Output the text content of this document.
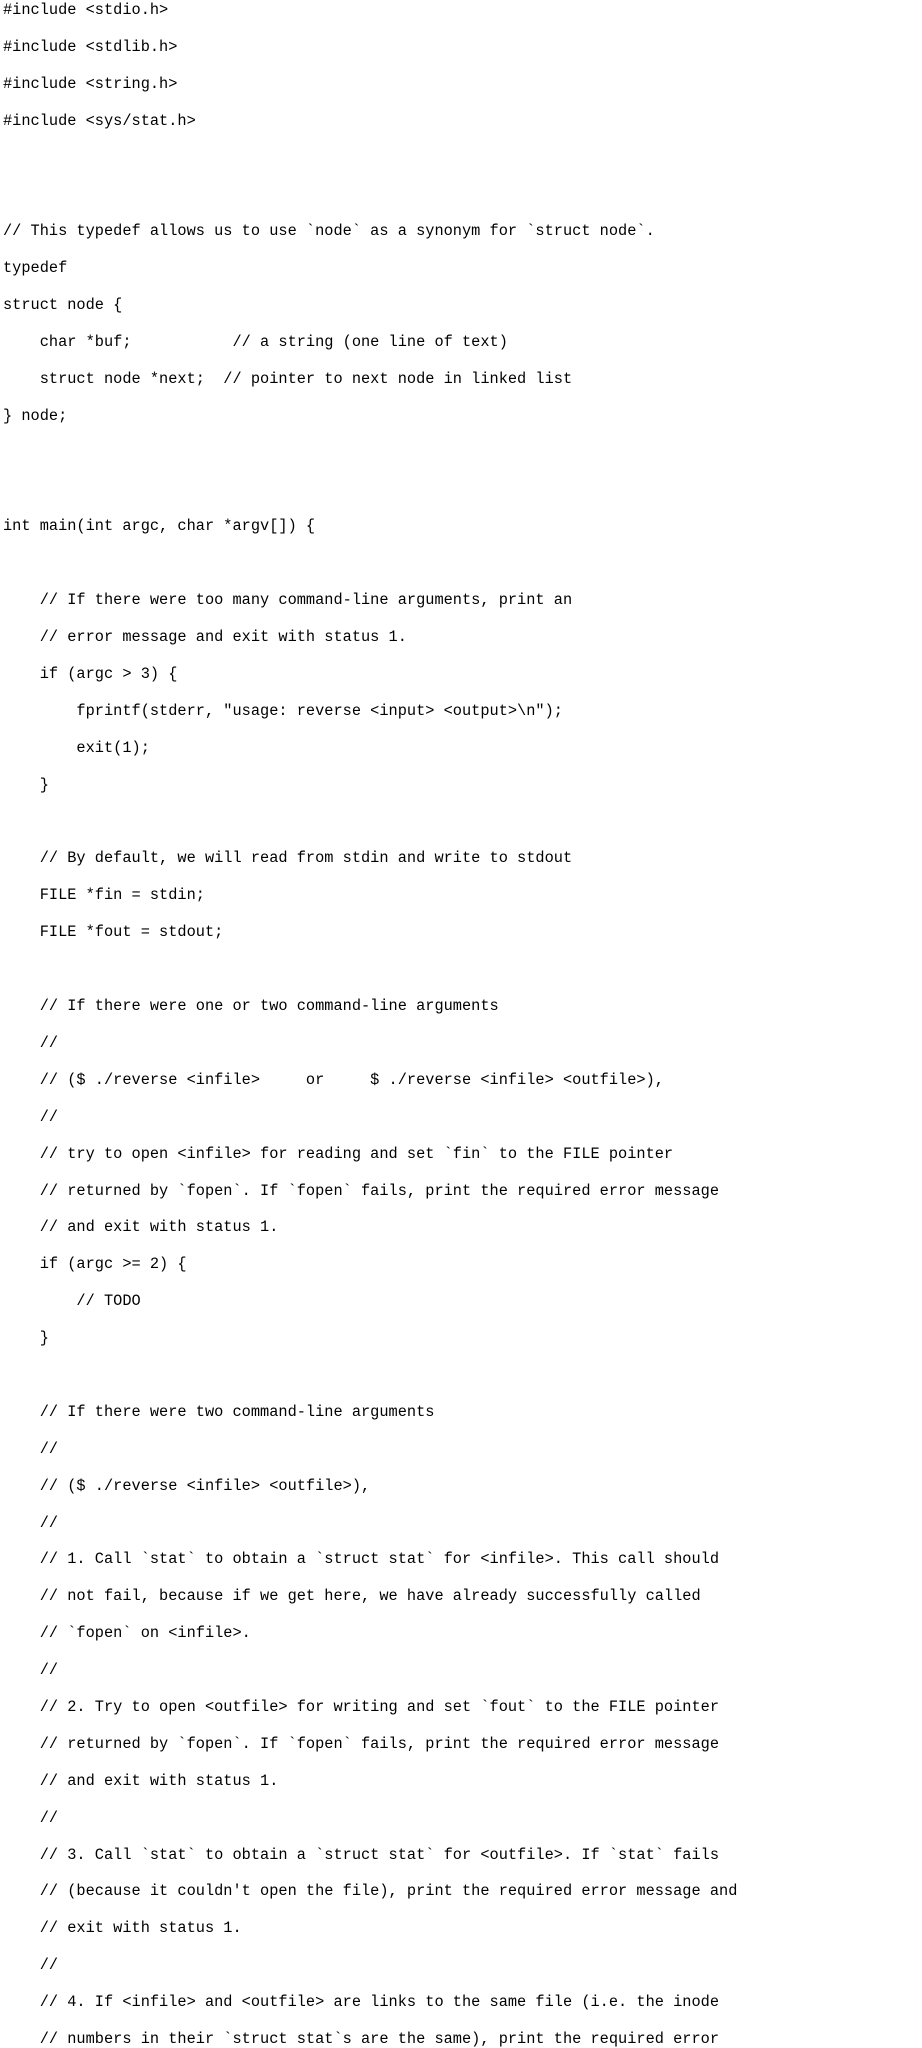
#include <stdio.h>

#include <stdlib.h>

#include <string.h>

#include <sys/stat.h>

// This typedef allows us to use `node` as a synonym for `struct node`.

typedef

struct node {

char *buf;           // a string (one line of text)

struct node *next;  // pointer to next node in linked list

} node;

int main(int argc, char *argv[]) {

// If there were too many command-line arguments, print an

// error message and exit with status 1.

if (argc > 3) {

fprintf(stderr, "usage: reverse <input> <output>\n");

exit(1);

}

// By default, we will read from stdin and write to stdout

FILE *fin = stdin;

FILE *fout = stdout;

// If there were one or two command-line arguments

//

// ($ ./reverse <infile>     or     $ ./reverse <infile> <outfile>),

//

// try to open <infile> for reading and set `fin` to the FILE pointer

// returned by `fopen`. If `fopen` fails, print the required error message

// and exit with status 1.

if (argc >= 2) {

// TODO

}

// If there were two command-line arguments

//

// ($ ./reverse <infile> <outfile>),

//

// 1. Call `stat` to obtain a `struct stat` for <infile>. This call should

// not fail, because if we get here, we have already successfully called

// `fopen` on <infile>.

//

// 2. Try to open <outfile> for writing and set `fout` to the FILE pointer

// returned by `fopen`. If `fopen` fails, print the required error message

// and exit with status 1.

//

// 3. Call `stat` to obtain a `struct stat` for <outfile>. If `stat` fails

// (because it couldn't open the file), print the required error message and

// exit with status 1.

//

// 4. If <infile> and <outfile> are links to the same file (i.e. the inode

// numbers in their `struct stat`s are the same), print the required error
